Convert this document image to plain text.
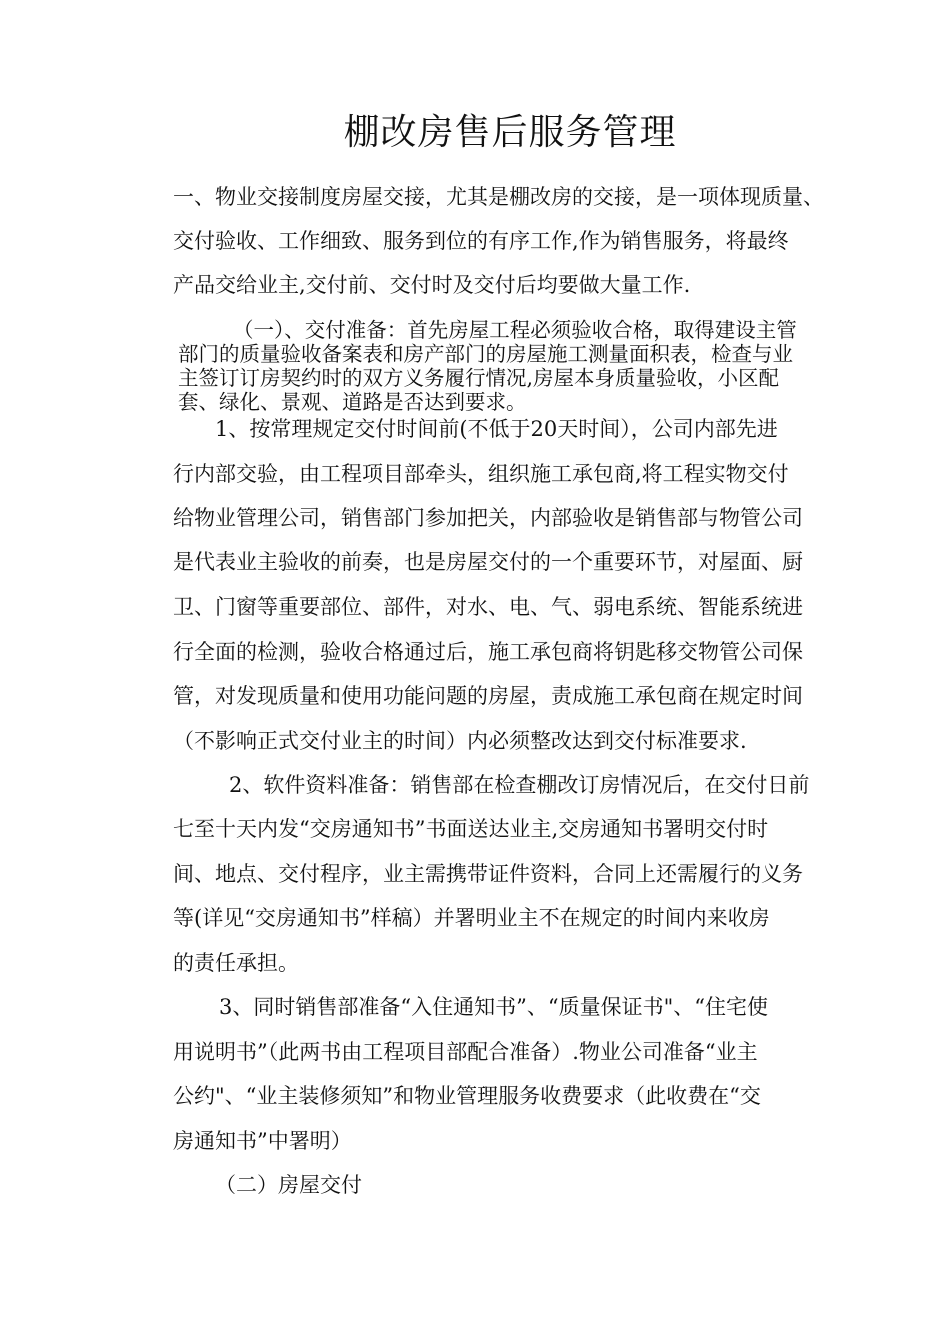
棚改房售后服务管理
一、物业交接制度房屋交接，尤其是棚改房的交接，是一项体现质量、
交付验收、工作细致、服务到位的有序工作,作为销售服务，将最终
产品交给业主,交付前、交付时及交付后均要做大量工作.
（一）、交付准备：首先房屋工程必须验收合格，取得建设主管
部门的质量验收备案表和房产部门的房屋施工测量面积表，检查与业
主签订订房契约时的双方义务履行情况,房屋本身质量验收，小区配
套、绿化、景观、道路是否达到要求。
1、按常理规定交付时间前(不低于20天时间），公司内部先进
行内部交验，由工程项目部牵头，组织施工承包商,将工程实物交付
给物业管理公司，销售部门参加把关，内部验收是销售部与物管公司
是代表业主验收的前奏，也是房屋交付的一个重要环节，对屋面、厨
卫、门窗等重要部位、部件，对水、电、气、弱电系统、智能系统进
行全面的检测，验收合格通过后，施工承包商将钥匙移交物管公司保
管，对发现质量和使用功能问题的房屋，责成施工承包商在规定时间
（不影响正式交付业主的时间）内必须整改达到交付标准要求.
2、软件资料准备：销售部在检查棚改订房情况后，在交付日前
七至十天内发“交房通知书”书面送达业主,交房通知书署明交付时
间、地点、交付程序，业主需携带证件资料，合同上还需履行的义务
等(详见“交房通知书”样稿）并署明业主不在规定的时间内来收房
的责任承担。
3、同时销售部准备“入住通知书”、“质量保证书"、“住宅使
用说明书”（此两书由工程项目部配合准备）.物业公司准备“业主
公约"、“业主装修须知”和物业管理服务收费要求（此收费在“交
房通知书”中署明）
（二）房屋交付
